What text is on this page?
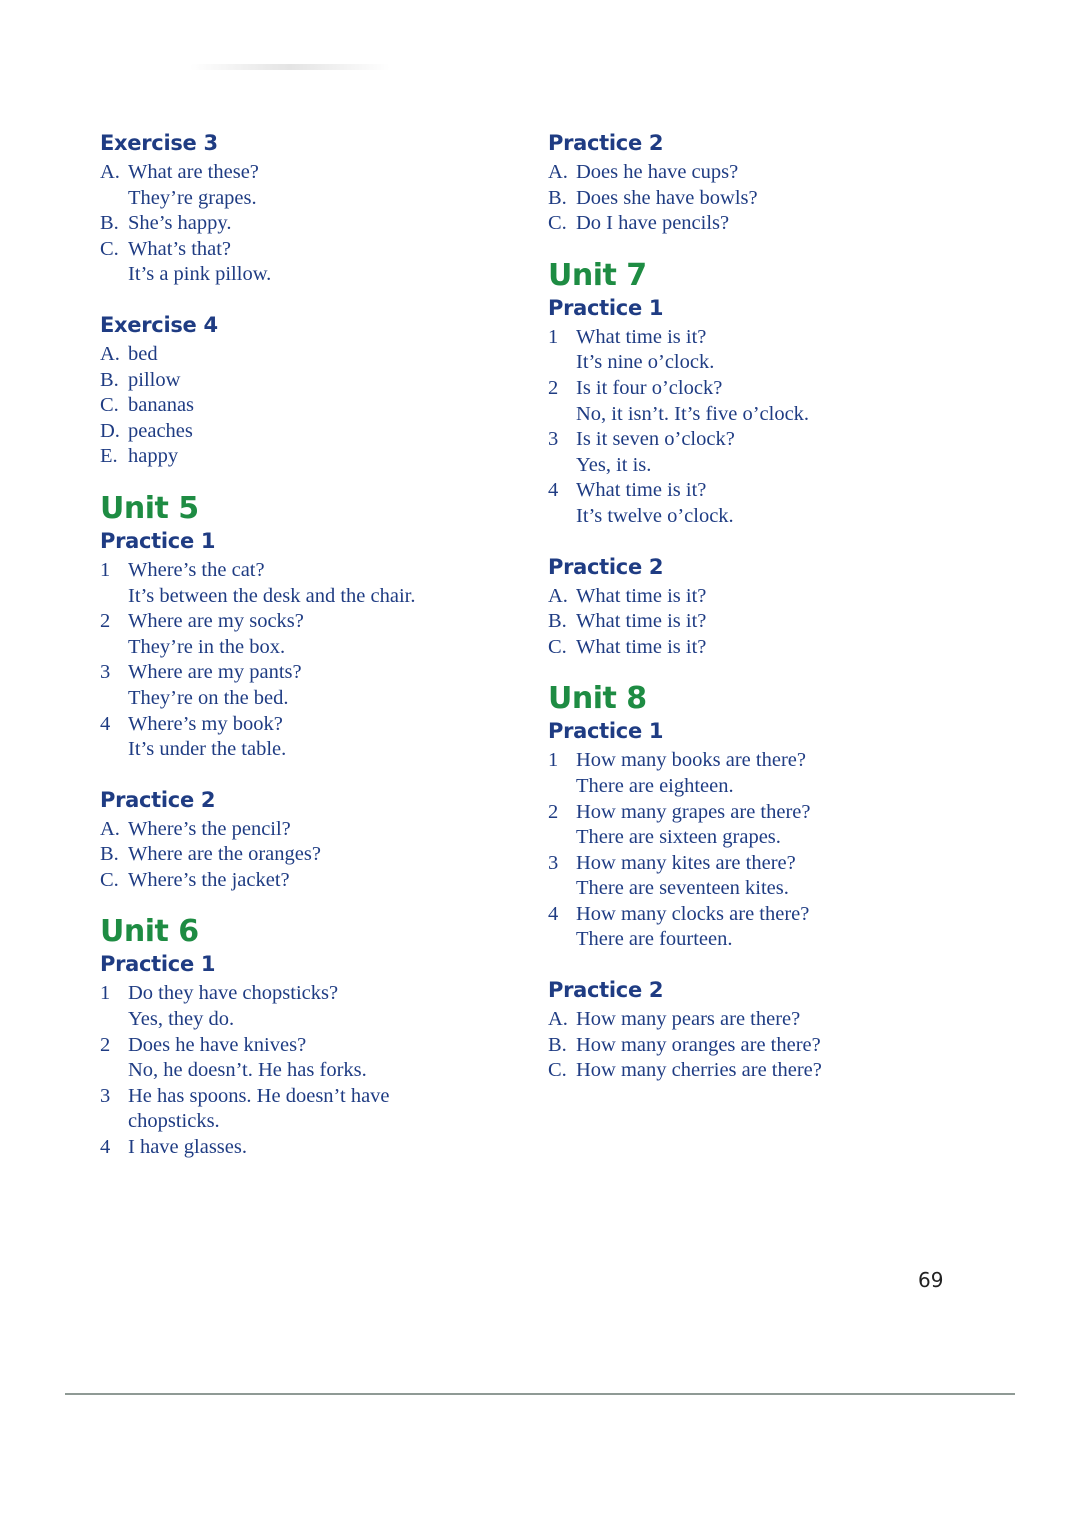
Exercise 3
A. What are these?
They’re grapes.
B. She’s happy.
C. What’s that?
It’s a pink pillow.
Exercise 4
A. bed
B. pillow
C. bananas
D. peaches
E. happy
Unit 5
Practice 1
1 Where’s the cat?
It’s between the desk and the chair.
2 Where are my socks?
They’re in the box.
3 Where are my pants?
They’re on the bed.
4 Where’s my book?
It’s under the table.
Practice 2
A. Where’s the pencil?
B. Where are the oranges?
C. Where’s the jacket?
Unit 6
Practice 1
1 Do they have chopsticks?
Yes, they do.
2 Does he have knives?
No, he doesn’t. He has forks.
3 He has spoons. He doesn’t have
chopsticks.
4 I have glasses.
Practice 2
A. Does he have cups?
B. Does she have bowls?
C. Do I have pencils?
Unit 7
Practice 1
1 What time is it?
It’s nine o’clock.
2 Is it four o’clock?
No, it isn’t. It’s five o’clock.
3 Is it seven o’clock?
Yes, it is.
4 What time is it?
It’s twelve o’clock.
Practice 2
A. What time is it?
B. What time is it?
C. What time is it?
Unit 8
Practice 1
1 How many books are there?
There are eighteen.
2 How many grapes are there?
There are sixteen grapes.
3 How many kites are there?
There are seventeen kites.
4 How many clocks are there?
There are fourteen.
Practice 2
A. How many pears are there?
B. How many oranges are there?
C. How many cherries are there?
69
